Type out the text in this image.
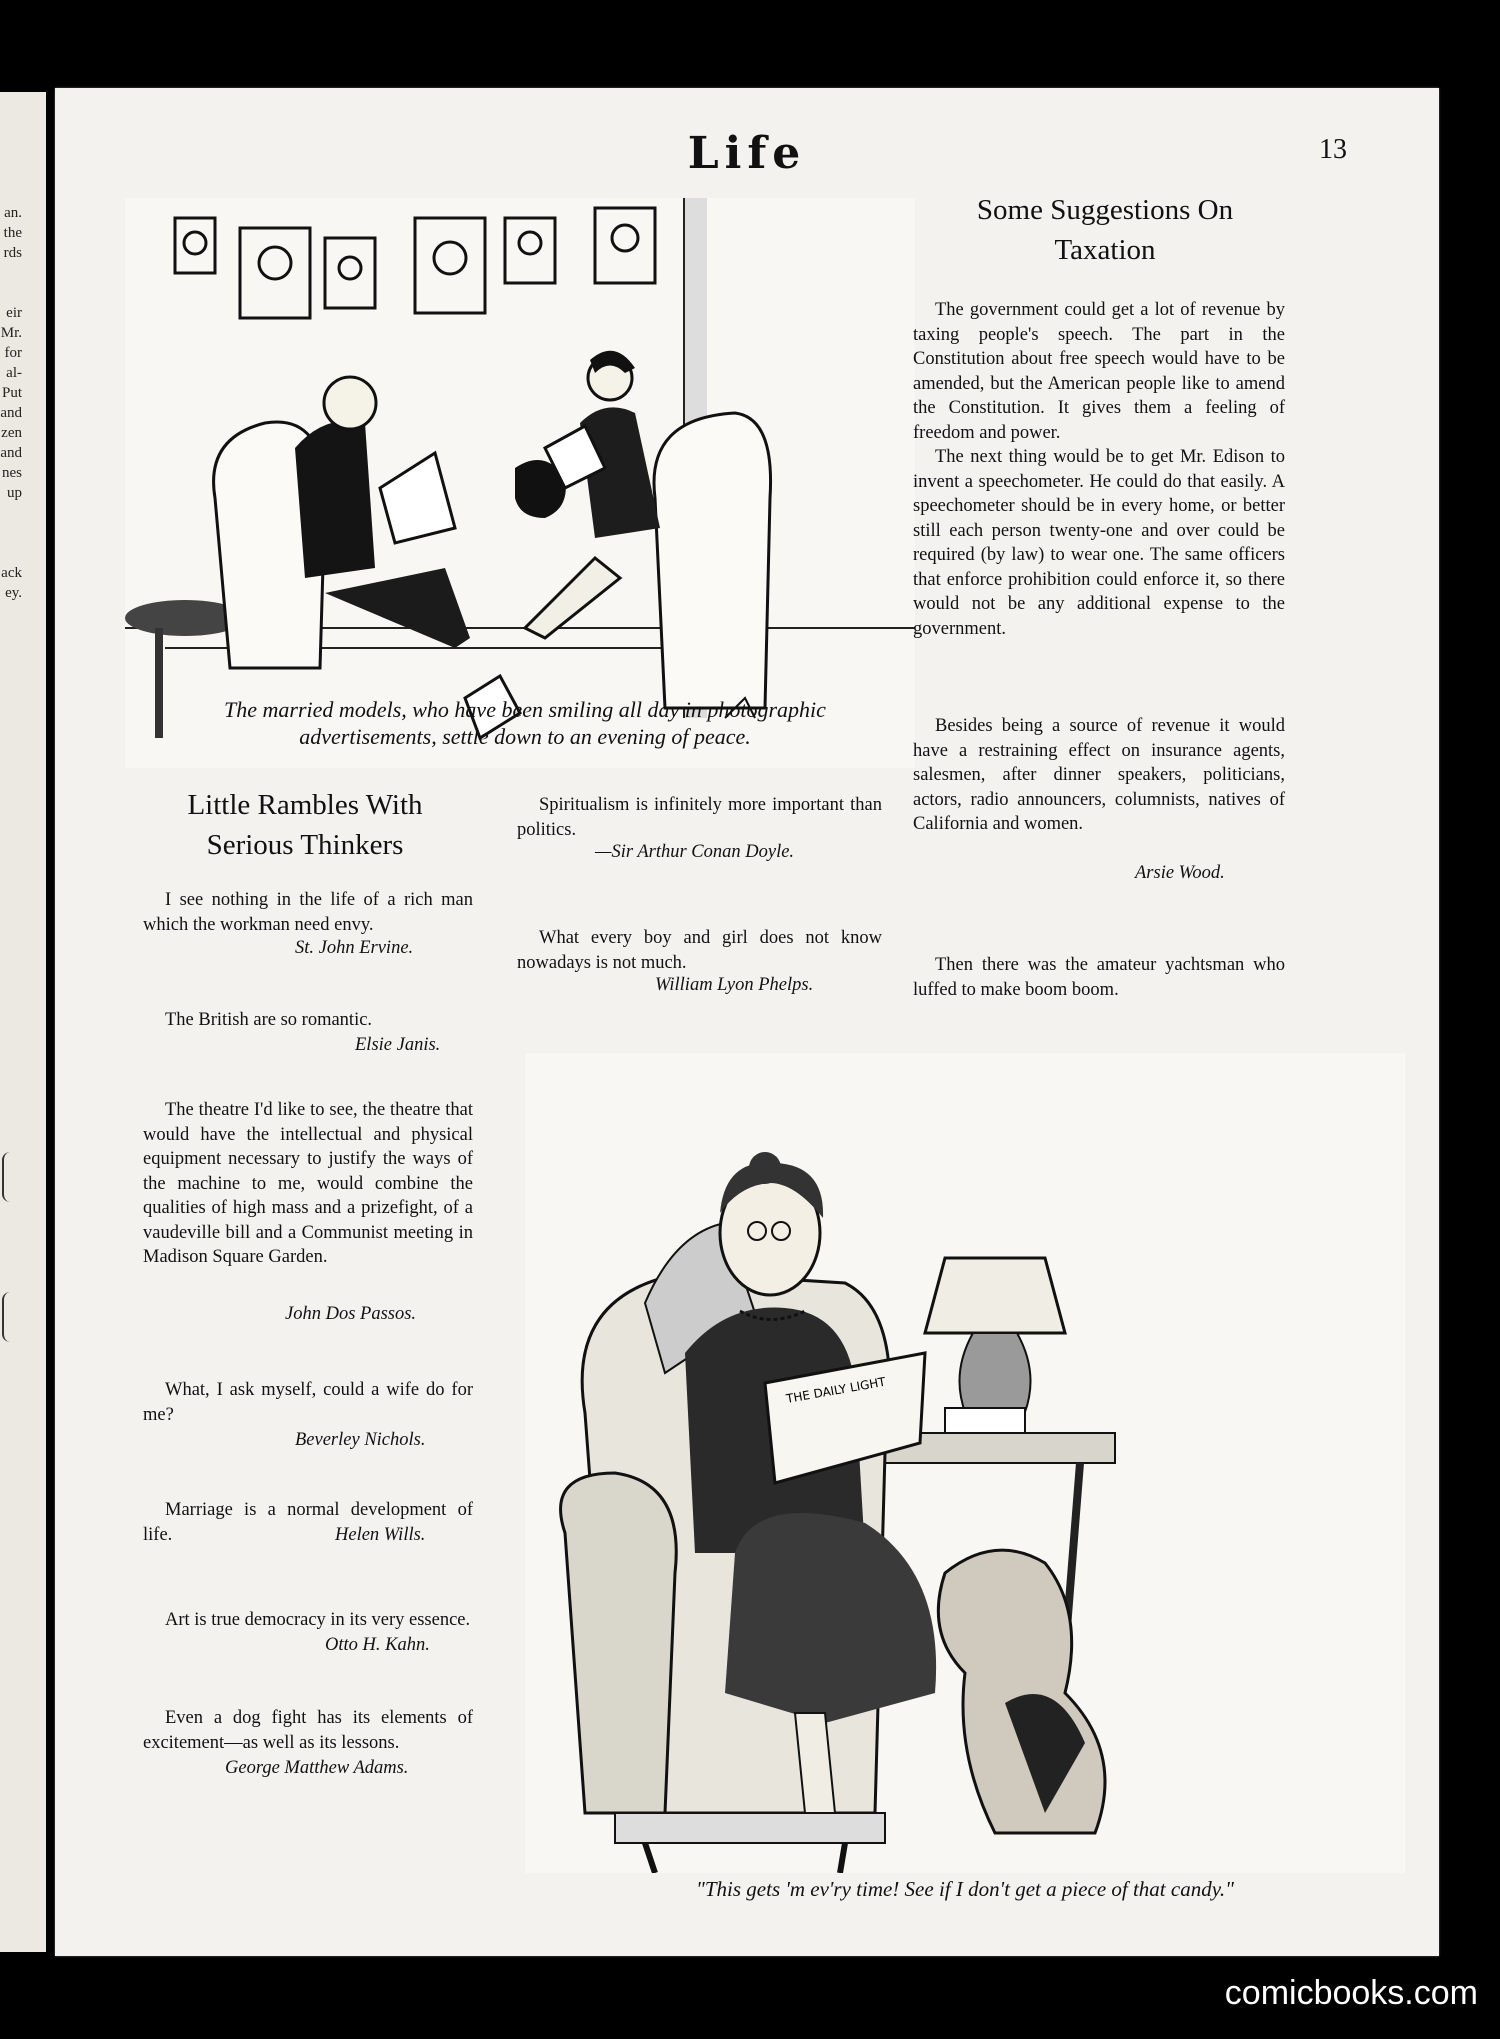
an.
the
rds
eir
Mr.
for
al-
Put
and
zen
and
nes
up
ack
ey.
Life	13
The married models, who have been smiling all day in photographic
advertisements, settle down to an evening of peace.
Some Suggestions On
Taxation

The government could get a lot of revenue by taxing people's speech. The part in the Constitution about free speech would have to be amended, but the American people like to amend the Constitution. It gives them a feeling of freedom and power.

The next thing would be to get Mr. Edison to invent a speechometer. He could do that easily. A speechometer should be in every home, or better still each person twenty-one and over could be required (by law) to wear one. The same officers that enforce prohibition could enforce it, so there would not be any additional expense to the government.

Besides being a source of revenue it would have a restraining effect on insurance agents, salesmen, after dinner speakers, politicians, actors, radio announcers, columnists, natives of California and women.

Arsie Wood.

Then there was the amateur yachtsman who luffed to make boom boom.

Little Rambles With
Serious Thinkers

I see nothing in the life of a rich man which the workman need envy.

St. John Ervine.

The British are so romantic.

Elsie Janis.

The theatre I'd like to see, the theatre that would have the intellectual and physical equipment necessary to justify the ways of the machine to me, would combine the qualities of high mass and a prizefight, of a vaudeville bill and a Communist meeting in Madison Square Garden.

John Dos Passos.

What, I ask myself, could a wife do for me?

Beverley Nichols.

Marriage is a normal development of life.	Helen Wills.

Art is true democracy in its very essence.

Otto H. Kahn.

Even a dog fight has its elements of excitement—as well as its lessons.

George Matthew Adams.

Spiritualism is infinitely more important than politics.

—Sir Arthur Conan Doyle.

What every boy and girl does not know nowadays is not much.

William Lyon Phelps.
THE DAILY LIGHT
"This gets 'm ev'ry time! See if I don't get a piece of that candy."
comicbooks.com
